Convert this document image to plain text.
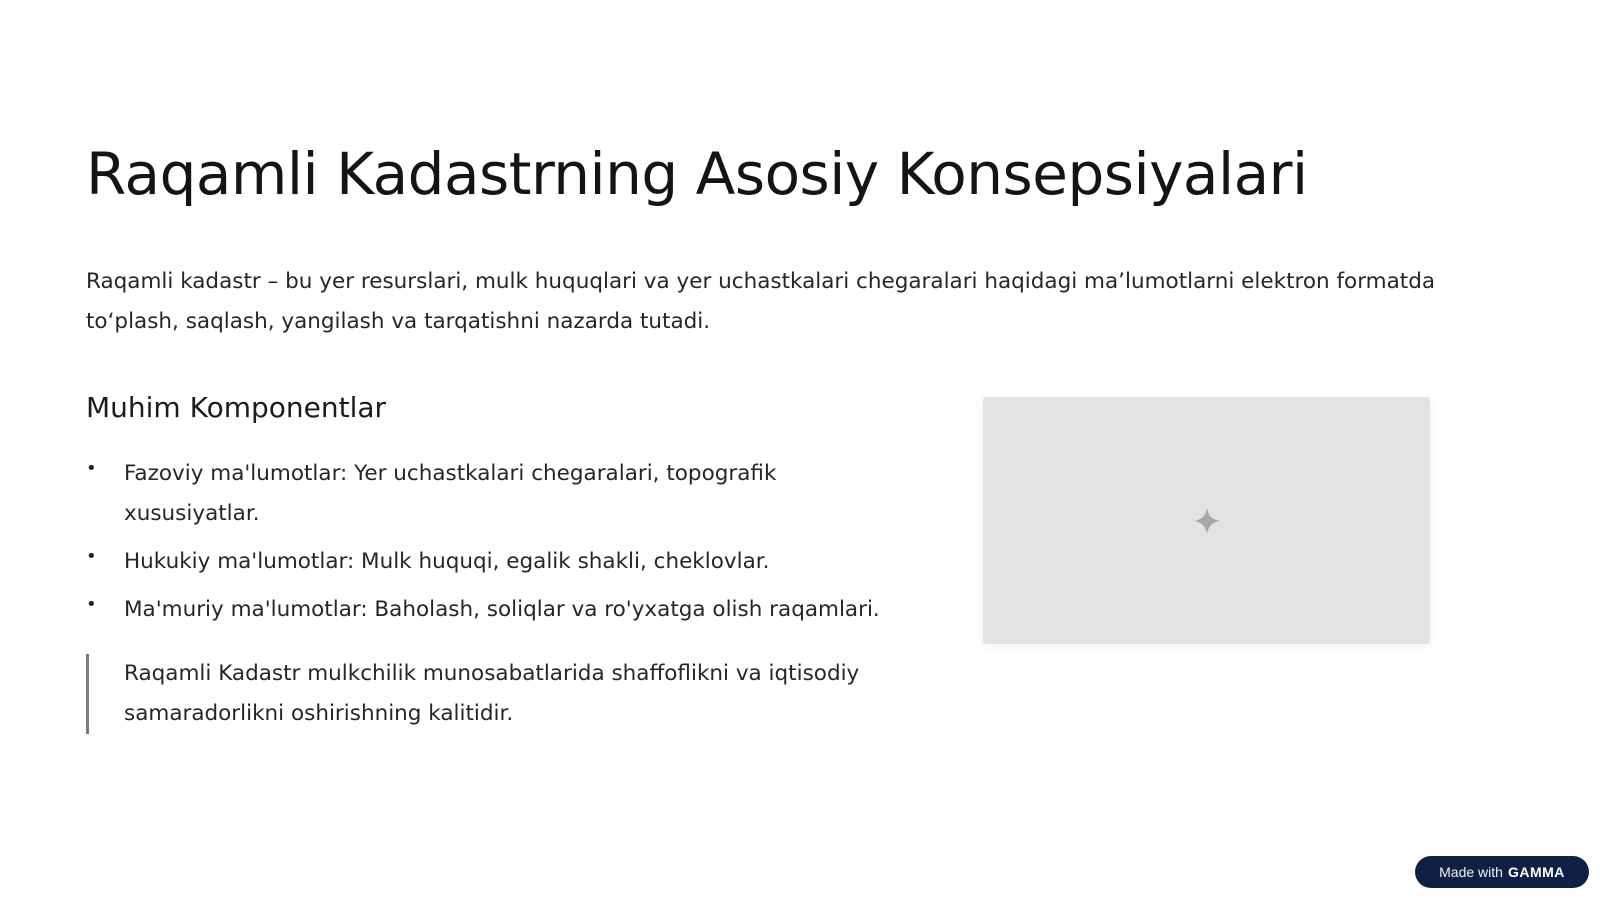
Raqamli Kadastrning Asosiy Konsepsiyalari

Raqamli kadastr – bu yer resurslari, mulk huquqlari va yer uchastkalari chegaralari haqidagi ma’lumotlarni elektron formatda to‘plash, saqlash, yangilash va tarqatishni nazarda tutadi.

Muhim Komponentlar
• Fazoviy ma'lumotlar: Yer uchastkalari chegaralari, topografik xususiyatlar.
• Hukukiy ma'lumotlar: Mulk huquqi, egalik shakli, cheklovlar.
• Ma'muriy ma'lumotlar: Baholash, soliqlar va ro'yxatga olish raqamlari.
Raqamli Kadastr mulkchilik munosabatlarida shaffoflikni va iqtisodiy samaradorlikni oshirishning kalitidir.
Made with GAMMA
